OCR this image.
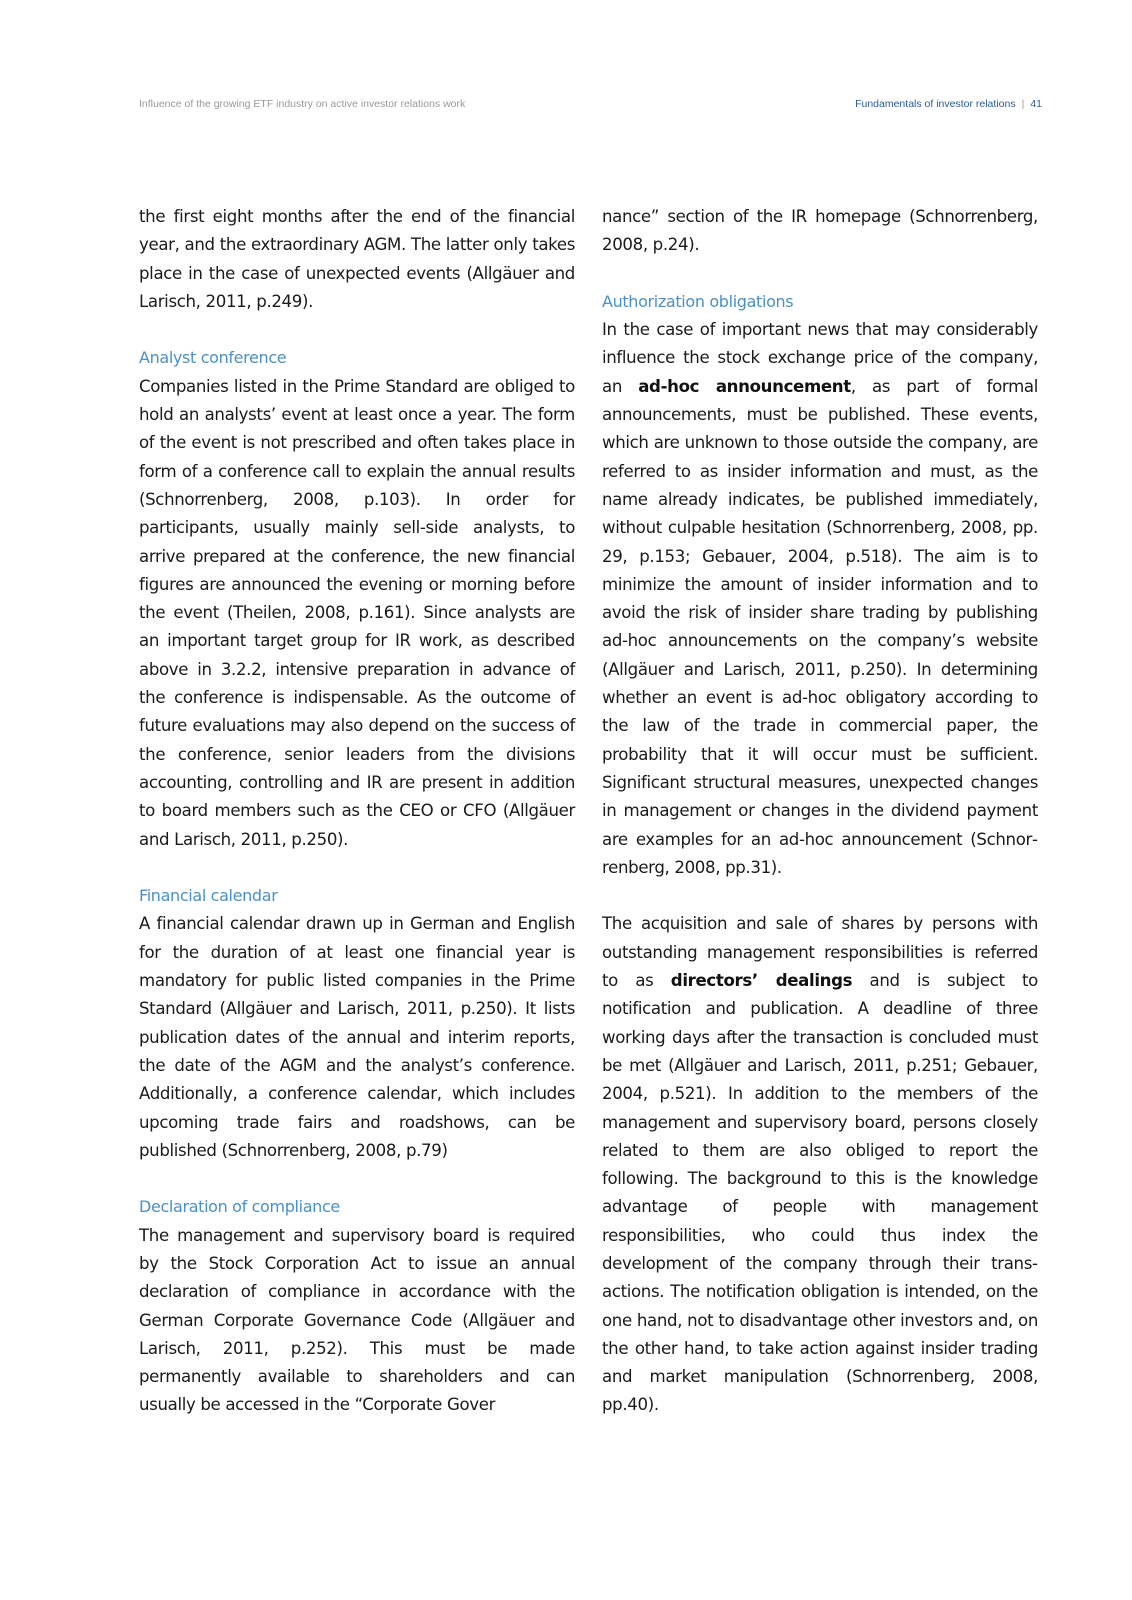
Influence of the growing ETF industry on active investor relations work	Fundamentals of investor relations | 41

the first eight months after the end of the financial year, and the extraordinary AGM. The latter only takes place in the case of unexpected events (Allgäuer and Larisch, 2011, p.249).

Analyst conference

Companies listed in the Prime Standard are obliged to hold an analysts’ event at least once a year. The form of the event is not prescribed and often takes place in form of a conference call to explain the annual results (Schnorrenberg, 2008, p.103). In order for participants, usually mainly sell-side analysts, to arrive prepared at the conference, the new financial figures are announced the evening or morning before the event (Theilen, 2008, p.161). Since analysts are an important target group for IR work, as described above in 3.2.2, intensive preparation in advance of the conference is indispensable. As the outcome of future evaluations may also depend on the success of the conference, senior leaders from the divisions accounting, controlling and IR are present in addition to board members such as the CEO or CFO (Allgäuer and Larisch, 2011, p.250).

Financial calendar

A financial calendar drawn up in German and English for the duration of at least one financial year is mandatory for public listed companies in the Prime Standard (Allgäuer and Larisch, 2011, p.250). It lists publication dates of the annual and interim reports, the date of the AGM and the analyst’s conference. Additionally, a conference calendar, which includes upcoming trade fairs and roadshows, can be published (Schnorrenberg, 2008, p.79)

Declaration of compliance

The management and supervisory board is required by the Stock Corporation Act to issue an annual declaration of compliance in accordance with the German Corporate Governance Code (Allgäuer and Larisch, 2011, p.252). This must be made permanently available to shareholders and can usually be accessed in the “Corporate Gover

nance” section of the IR homepage (Schnorrenberg, 2008, p.24).

Authorization obligations

In the case of important news that may considerably influence the stock exchange price of the company, an ad-hoc announcement, as part of formal announcements, must be published. These events, which are unknown to those outside the company, are referred to as insider information and must, as the name already indicates, be published immediately, without culpable hesitation (Schnorrenberg, 2008, pp. 29, p.153; Gebauer, 2004, p.518). The aim is to minimize the amount of insider information and to avoid the risk of insider share trading by publishing ad-hoc announcements on the company’s website (Allgäuer and Larisch, 2011, p.250). In determining whether an event is ad-hoc obligatory according to the law of the trade in commercial paper, the probability that it will occur must be sufficient. Significant structural measures, unexpected changes in management or changes in the dividend payment are examples for an ad-hoc announcement (Schnorrenberg, 2008, pp.31).

The acquisition and sale of shares by persons with outstanding management responsibilities is referred to as directors’ dealings and is subject to notification and publication. A deadline of three working days after the transaction is concluded must be met (Allgäuer and Larisch, 2011, p.251; Gebauer, 2004, p.521). In addition to the members of the management and supervisory board, persons closely related to them are also obliged to report the following. The background to this is the knowledge advantage of people with management responsibilities, who could thus index the development of the company through their transactions. The notification obligation is intended, on the one hand, not to disadvantage other investors and, on the other hand, to take action against insider trading and market manipulation (Schnorrenberg, 2008, pp.40).
